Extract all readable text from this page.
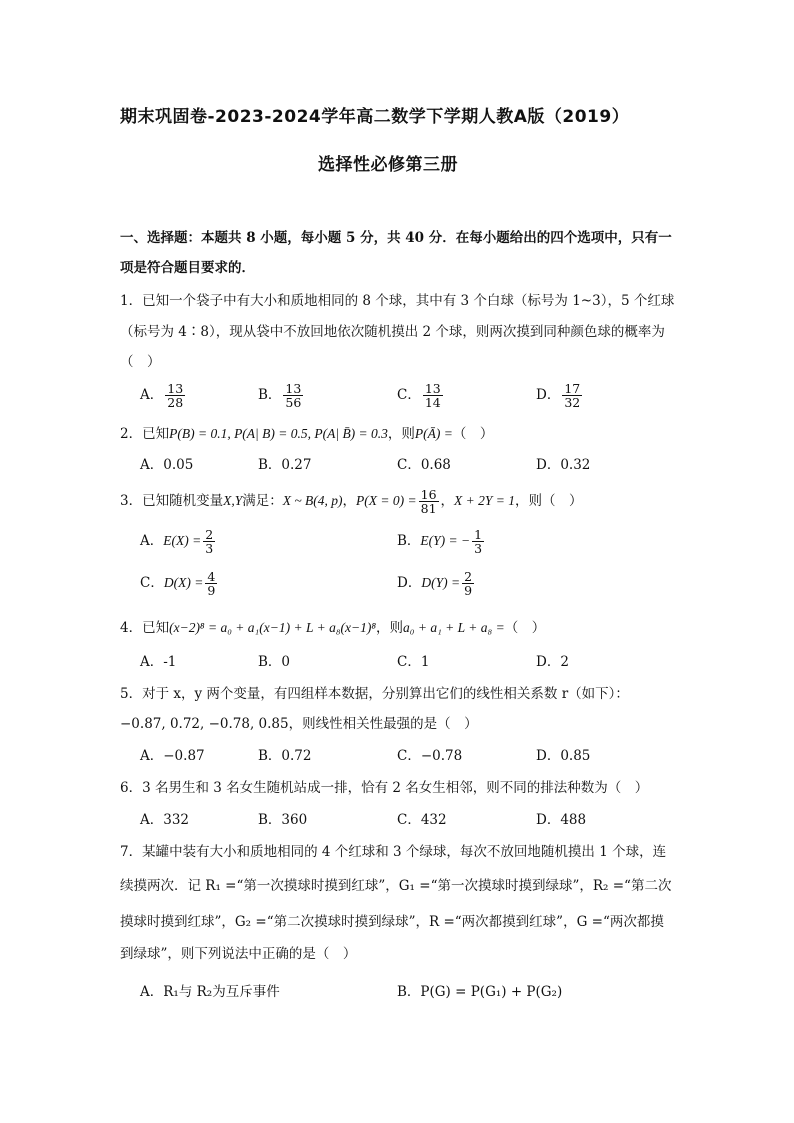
期末巩固卷-2023-2024学年高二数学下学期人教A版（2019）
选择性必修第三册
一、选择题：本题共 8 小题，每小题 5 分，共 40 分．在每小题给出的四个选项中，只有一
项是符合题目要求的．
1．已知一个袋子中有大小和质地相同的 8 个球，其中有 3 个白球（标号为 1~3），5 个红球
（标号为 4∶8），现从袋中不放回地依次随机摸出 2 个球，则两次摸到同种颜色球的概率为
（　）
A． $\frac{13}{28}$	B． $\frac{13}{56}$	C． $\frac{13}{14}$	D． $\frac{17}{32}$
2．已知P(B) = 0.1, P(A| B) = 0.5, P(A| B̄) = 0.3，则P(Ā) =（　）
A．0.05	B．0.27	C．0.68	D．0.32
3．已知随机变量X,Y满足：X ~ B(4, p)，$P(X = 0) = \frac{16}{81}$ ，X + 2Y = 1，则（　）
A．$E(X) = \frac{2}{3}$	B．E(Y) = − $\frac{1}{3}$
C．$D(X) = \frac{4}{9}$	D．$D(Y) = \frac{2}{9}$
4．已知(x−2)⁸ = a₀ + a₁(x−1) + L + a₈(x−1)⁸，则a₀ + a₁ + L + a₈ =（　）
A．-1	B．0	C．1	D．2
5．对于 x，y 两个变量，有四组样本数据，分别算出它们的线性相关系数 r（如下）：
−0.87, 0.72, −0.78, 0.85，则线性相关性最强的是（　）
A．−0.87	B．0.72	C．−0.78	D．0.85
6．3 名男生和 3 名女生随机站成一排，恰有 2 名女生相邻，则不同的排法种数为（　）
A．332	B．360	C．432	D．488
7．某罐中装有大小和质地相同的 4 个红球和 3 个绿球，每次不放回地随机摸出 1 个球，连
续摸两次．记 R₁ =“第一次摸球时摸到红球”，G₁ =“第一次摸球时摸到绿球”，R₂ =“第二次
摸球时摸到红球”，G₂ =“第二次摸球时摸到绿球”，R =“两次都摸到红球”，G =“两次都摸
到绿球”，则下列说法中正确的是（　）
A．R₁与 R₂为互斥事件	B．P(G) = P(G₁) + P(G₂)
